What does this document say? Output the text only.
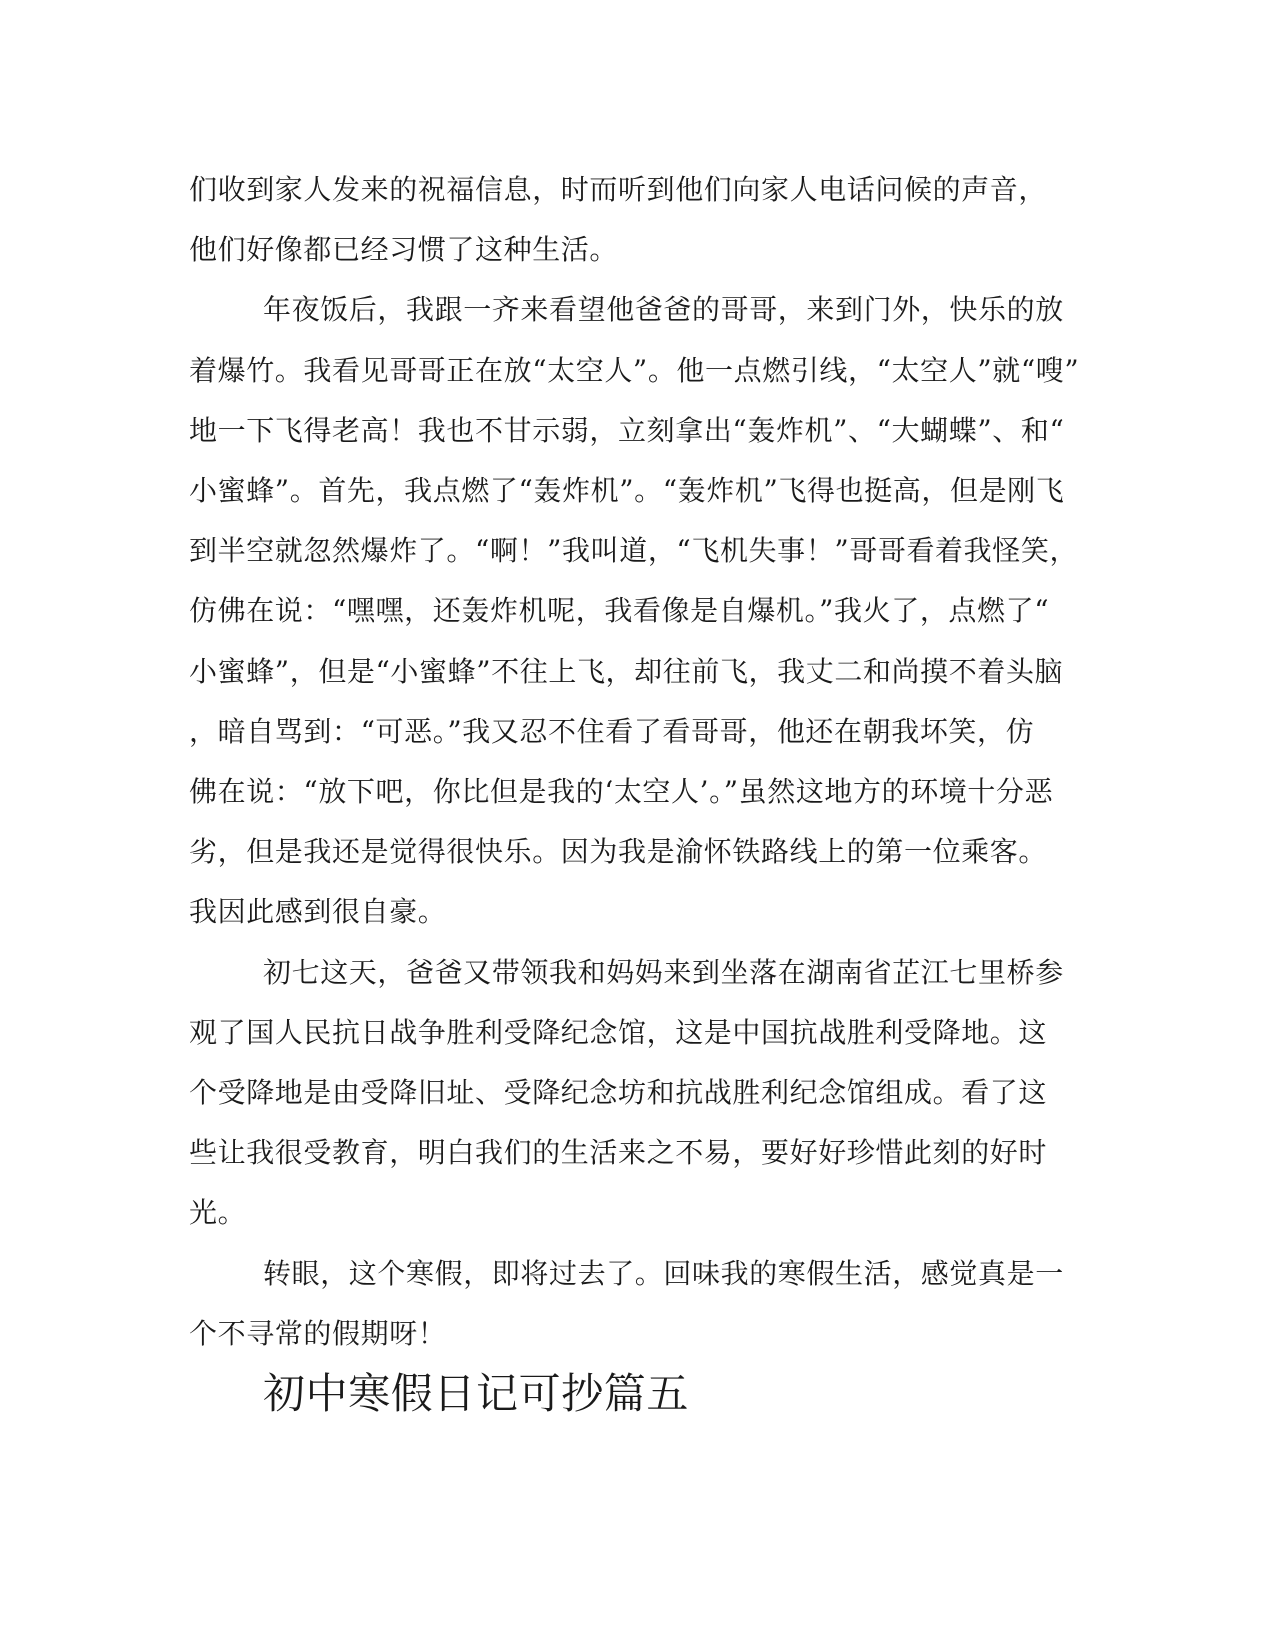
们收到家人发来的祝福信息，时而听到他们向家人电话问候的声音，
他们好像都已经习惯了这种生活。

年夜饭后，我跟一齐来看望他爸爸的哥哥，来到门外，快乐的放
着爆竹。我看见哥哥正在放“太空人”。他一点燃引线，“太空人”就“嗖”
地一下飞得老高！我也不甘示弱，立刻拿出“轰炸机”、“大蝴蝶”、和“
小蜜蜂”。首先，我点燃了“轰炸机”。“轰炸机”飞得也挺高，但是刚飞
到半空就忽然爆炸了。“啊！”我叫道，“飞机失事！”哥哥看着我怪笑，
仿佛在说：“嘿嘿，还轰炸机呢，我看像是自爆机。”我火了，点燃了“
小蜜蜂”，但是“小蜜蜂”不往上飞，却往前飞，我丈二和尚摸不着头脑
，暗自骂到：“可恶。”我又忍不住看了看哥哥，他还在朝我坏笑，仿
佛在说：“放下吧，你比但是我的‘太空人’。”虽然这地方的环境十分恶
劣，但是我还是觉得很快乐。因为我是渝怀铁路线上的第一位乘客。
我因此感到很自豪。

初七这天，爸爸又带领我和妈妈来到坐落在湖南省芷江七里桥参
观了国人民抗日战争胜利受降纪念馆，这是中国抗战胜利受降地。这
个受降地是由受降旧址、受降纪念坊和抗战胜利纪念馆组成。看了这
些让我很受教育，明白我们的生活来之不易，要好好珍惜此刻的好时
光。

转眼，这个寒假，即将过去了。回味我的寒假生活，感觉真是一
个不寻常的假期呀！

初中寒假日记可抄篇五
